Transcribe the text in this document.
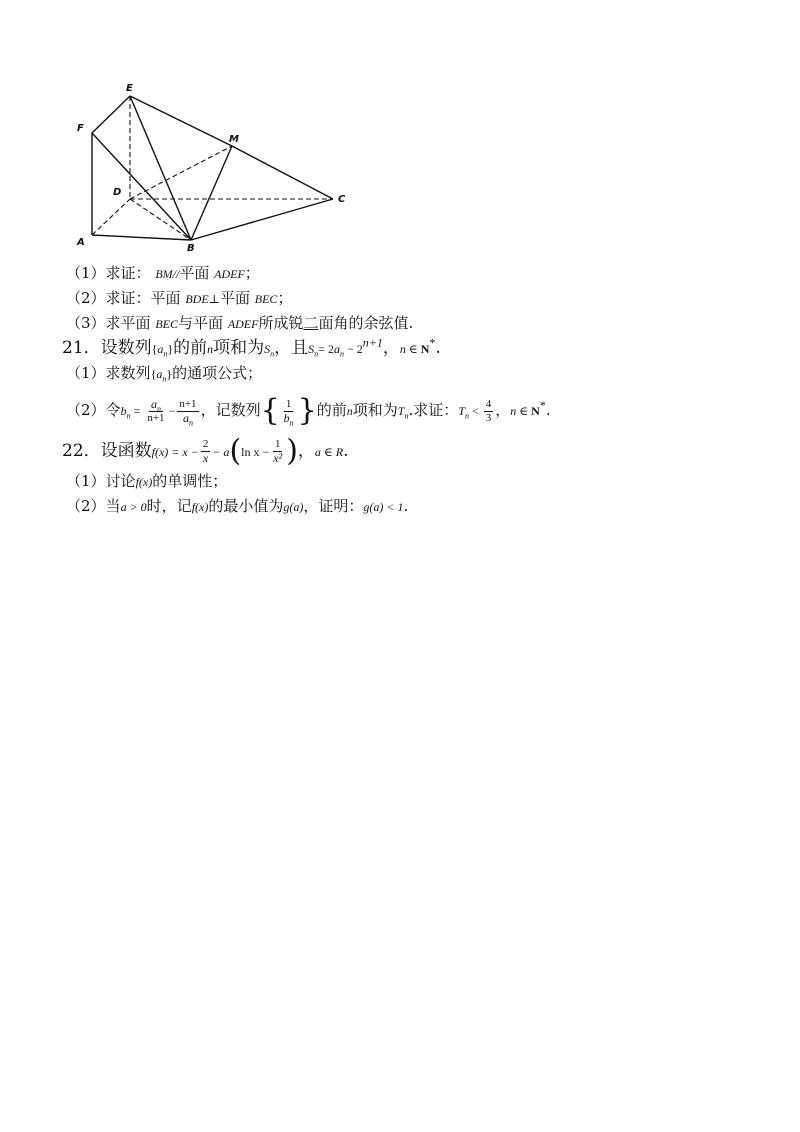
E
F
M
D
C
A
B
（1）求证： BM//平面 ADEF；
（2）求证：平面 BDE⊥平面 BEC；
（3）求平面 BEC与平面 ADEF所成锐二面角的余弦值.
21．设数列$\{a_n\}$的前n项和为$S_n$，且$S_n= 2a_n - 2^{n+1}$，n ∈ N*.
（1）求数列$\{a_n\}$的通项公式；
（2）令$b_n = \frac{a_n}{n+1} - \frac{n+1}{a_n}$ ，记数列{ $\frac{1}{b_n}$ }的前n项和为$T_n$.求证：$T_n < \frac{4}{3}$ ，n ∈ N*.
22．设函数$f(x) = x - \frac{2}{x} - a(\ln$ $x - \frac{1}{\text{x²}}$ )，a ∈ R.
（1）讨论f(x)的单调性；
（2）当a > 0时，记f(x)的最小值为g(a)，证明：g(a) < 1.
